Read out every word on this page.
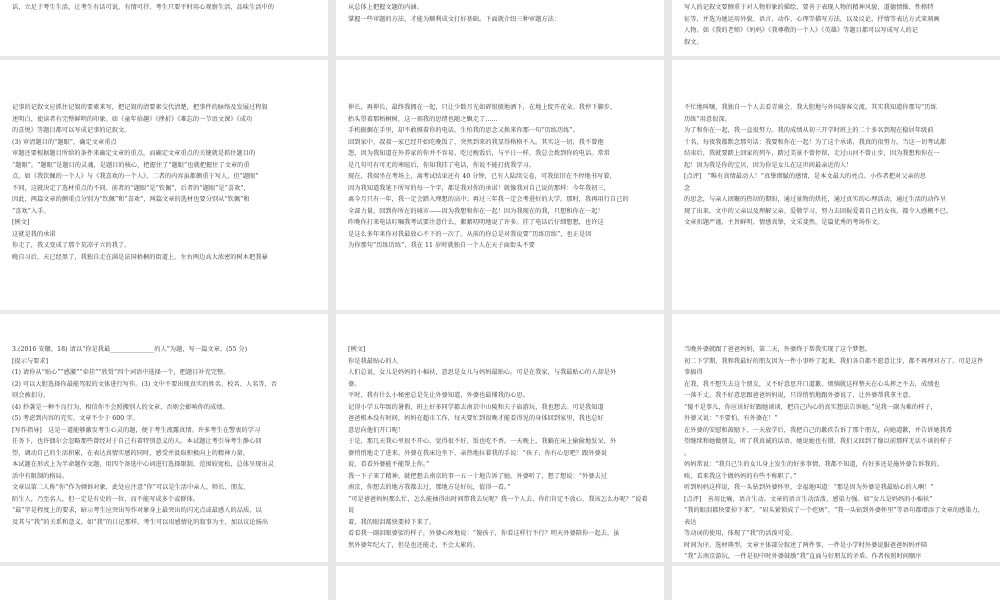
话，立足于考生生活，让考生有话可说，有情可抒。考生只要平时用心观察生活，品味生活中的	从总体上把握文题的内涵。

掌握一些审题的方法，才能为顺利成文打好基础。下面就介绍三种审题方法：

写人的记叙文要侧重于对人物形象的描绘，要善于表现人物的精神风貌、道德情操、性格特

征等，并选为她运用外貌、语言、动作、心理等描写方法，以及议论、抒情等表达方式来刻画

人物。如《我的老师》《妈妈》《我尊敬的一个人》《英雄》等题目都可以写成写人的记

叙文。

记事的记叙文应抓住记叙的要素来写，把记叙的清要素交代清楚，把事件的脉络及发展过程叙

述明白，使读者有完整鲜明的印象。如《童年拾趣》《挫折》《难忘的一节语文课》《成功

的喜悦》等题目都可以写成记事的记叙文。

(3) 审清题目的“题眼”，确定文章重点

审题还要根据题目所给的条件来确定文章的重点，而确定文章重点的关键就是抓住题目的

“题眼”。“题眼”是题目的灵魂，是题目的核心，把握住了“题眼”也就把握住了文章的重

点。如《我饮佩的一个人》与《我喜欢的一个人》，二者的内容虽都侧重于写人，但“题眼”

不同，这就决定了选材重点的不同。前者的“题眼”是“钦佩”，后者的“题眼”是“喜欢”，

因此，两篇文章的侧重点分别为“钦佩”和“喜欢”，两篇文章的选材也要分别从“钦佩”和

“喜欢”入手。

[例文]

这就是我的承诺

你走了，我又变成了那个荒凉孑立的我了。

晚自习后，天已经黑了，我独自走在满是法国梧桐的街道上。左右两边高大浓密的树木把我暴

伸长，再伸长，最终我拥在一起，只让少数月光如碎银般地洒下，在地上绽开花朵。我停下脚步，

抬头望着那梧桐树，这一刻我的思绪也随之飘走了……

手机振掘在手里，却不敢摸着你的电话，生怕我的思念又换来你那一句“历练历练”。

回到家中，叔叔一家已经开始吃晚饭了，突然到来的我显得格格不入。其实这一切，我不曾抱

怨，因为我知道在外养家的你并不容易。吃过晚饭后，与平日一样，我总会拨到你的电话。常常

是几句可有可无的寒暄后，你知我挂了电话，你说不能打扰我学习。

现在，我端坐在考场上，离考试结束还有 40 分钟，已有人陆续交卷，可我依旧在不停地书写着，

因为我知道我笔下所写的每一个字，都是我对你的承诺！就像我对自己说的那样：今年我初三，

离今月只有一年，我一定会踏入理想的高中；再过三年我一定会考进好的大学。那时，我再用行自己的

全部力量，回到你所在的城市——因为我想和你在一起！因为我现在的我，只想和你在一起！

昨晚你打来电话叮嘱我考试要注意什么，絮絮叨叨地说了许多。挂了电话后仔细想想，也许这

是这么多年来你对我最放心不下的一次了。从前的你总是对我说要“历练历练”，也正是因

为你那句“历练历练”，我在 11 岁时就独自一个人在天子面街头不要

不忙地叫嚷，我独自一个人去看青奥会，我大胆地与外国游客交流。其实我知道你那句“历练

历练”用意很深。

为了和你在一起，我一直很努力。我的成绩从初三开学时班上的二十多名到现在稳居年级前

十名，每夜我都默念那句话：我要和你在一起！为了这个承诺，我真的很努力。当这一切考试都

结束后，我就要踏上回家的列车，踏过美景不曾停留，走过山河不曾止步，因为我想和你在一

起！因为我是你的宝贝，因为你是女儿在这世间最亲近的人！

[点评]　“唯有真情最动人！”真挚细腻的感情，是本文最大的亮点。小作者把对父亲的思

念

的思念，与亲人团聚的热切的期盼，通过景物的烘托，通过真实的心理活动，通过生活的动作呈

现了出来。文中的父亲以及理解父亲、爱敬学习，努力去回报爱着自己的女孩，都令人感概不已。

文章扣题严谨，主旨鲜明，情感真挚，文采斐然，是篇优秀的考场作文。

3.(2016 安徽，18) 请以“你是我最______________的人”为题，写一篇文章。(55 分)

[提示与要求]

(1) 请你从“贴心”“感激”“牵挂”“欣赏”四个词语中选择一个，把题目补充完整。

(2) 可以大胆选择你最能驾驭的文体进行写作。(3) 文中不要出现真实的姓名、校名、人名等，否

则会被扣分。

(4) 抄袭是一种不良行为，相信你不会照搬别人的文章，否则会影响你的成绩。

(5) 考虑到内容的充实，文章不少于 600 字。

[写作指导]　这是一道能够激发考生心灵的题，便于考生流露真情。许多考生在警衷的学习

任务下，也许偶尔会忽略那些曾经对于自己有着特别意义的人。本试题让考引导考生静心回

望，调动自己的生活积累，在表达真情实感的同时，感受并汲取积极向上的精神力量。

本试题在形式上为半命题作文题，用四个备选中心词进行选择限制，范围较宽松，总体呈现出灵

活中有限制的格局。

文章以第二人称“你”作为倾诉对象，此处应注意“你”可以是生活中亲人、师长、朋友、

陌生人，乃至名人，但一定是有史的一位，而不能写成多个或群体。

“最”字是程度上的要求，暗示考生应突出写作对象身上最突出的闪光点或最感人的品质，以

及其与“我”的关系和意义。如“我”的日记那样，考生可以用感情化的叙事为主，加以议论扬出

[例文]

你是我最贴心的人

人们总说，女儿是妈妈的小棉袄，意思是女儿与妈妈最贴心。可是在我家，与我最贴心的人却是外

婆。

平时，我有什么小秘密总是先让外婆知道，外婆也最懂我的心思。

记得小学五年级的暑假，班上好多同学都去南京中山陵和夫子庙游玩，我也想去。可是我知道

爸爸根本没有时间，妈妈在超市工作，每天要忙到很晚才能看得见的身体回到家里，我也总好

意思向他们开口呢！

于是，那几天我心里很不开心，觉得很不好，饭也吃不香。一天晚上，我躺在床上偷偷地发呆，外

婆悄悄地走了进来。外婆在我床边坐下，亲热地拉着我的手说：“孩子，你有心思吧？跟外婆说

说，看看外婆能不能帮上你。”

我一下子来了精神，就把想去南京的事一五一十地告诉了她。外婆听了，想了想说：“外婆去过

南京，你想去的地方我都去过，那地方是好玩，值得一看。”

“可是爸爸妈妈那么忙，怎么能抽得出时间带我去玩呢？我一个人去，你们肯定不放心，我该怎么办呢？”说着说

着，我的眼泪都快要掉下来了。

看看我一副泪眼婆娑的样子，外婆心疼地说：“傻孩子，你看这样行不行？明天外婆陪你一起去，虽

然外婆年纪大了，但是也还能走，不会太累的。

当晚外婆就跟了爸爸妈妈，第二天，外婆终于帮我实现了这个梦想。

初二下学期，我和我最好的朋友因为一件小事吵了起来，我们各自都不愿意让步，都不再理对方了。可是这件事搞得

在我，我不想失去这个朋友，又不好意思开口道歉。烦恼就这样整天在心头挥之不去，成绩也

一落千丈。我不好意思跟爸爸妈妈说，只得悄悄地跟外婆说了，让外婆帮我拿主意。

“傻不是事儿，你应该好好跟她谈谈，把自己内心的真实想法告诉她。”见我一副为难的样子，

外婆又说：“不要怕，有外婆在！”

在外婆的安慰和鼓励下，一天放学后，我把自己的歉疚告诉了那个朋友，向她道歉，并告诉她我希

望继续和她做朋友，听了我真诚的话语，她说她也有错，我们又回到了像以前那样无话不谈的样子

。

妈妈常说：“我自己生的女儿身上发生的好多事情，我都不知道，有好多还是施外婆告诉我的。

唉，看来我这个做妈妈的有些不称职了。”

听到妈妈这样说，我一头钻到外婆怀里，幸福地叫道：“那是因为外婆是我最贴心的人啊！”

[点评]　善用比喻，语言生动。文章的语言生动活泼，感染力强。如“女儿是妈妈的小棉袄”

“我的眼泪都快要掉下来”，“眉头紧锁成了一个疙瘩”，“我一头钻到外婆怀里”等语句都增添了文章的感染力，表达

等动词的使用，体现了“我”的活泼可爱。

时间为序，选材典型。文章主体部分叙述了两件事，一件是小学时外婆说服爸爸妈妈并陪

“我”去南京游玩，一件是初中时外婆鼓励“我”直面与好朋友的矛盾。作者按照时间顺序
